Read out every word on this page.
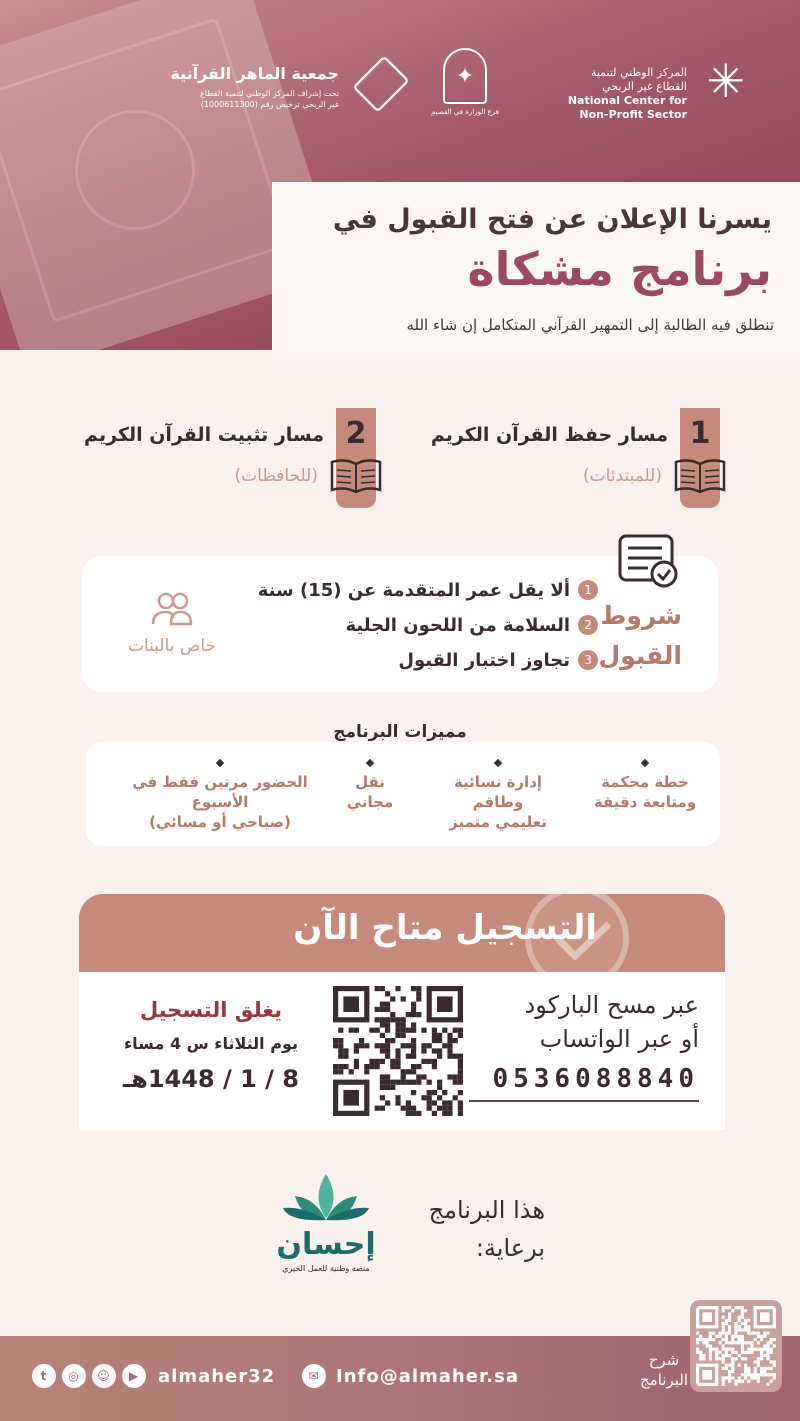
✳
المركز الوطني لتنمية
القطاع غير الربحي
National Center for
Non-Profit Sector
✦
فرع الوزارة في القصيم
جمعية الماهر القرآنية
تحت إشراف المركز الوطني لتنمية القطاع
غير الربحي ترخيص رقم (1000611300)
يسرنا الإعلان عن فتح القبول في
برنامج مشكاة
تنطلق فيه الطالبة إلى التمهير القرآني المتكامل إن شاء الله
1
مسار حفظ القرآن الكريم
(للمبتدئات)
2
مسار تثبيت القرآن الكريم
(للحافظات)
شروط
القبول
1
ألا يقل عمر المتقدمة عن (15) سنة
2
السلامة من اللحون الجلية
3
تجاوز اختبار القبول
خاص بالبنات
خطة محكمة
ومتابعة دقيقة
إدارة نسائية وطاقم
تعليمي متميز
نقل
مجاني
الحضور مرتين فقط في الأسبوع
(صباحي أو مسائي)
مميزات البرنامج
التسجيل متاح الآن
عبر مسح الباركود
أو عبر الواتساب
0536088840
يغلق التسجيل
يوم الثلاثاء س 4 مساء
8 / 1 / 1448هـ
هذا البرنامج
برعاية:
إحسان
منصة وطنية للعمل الخيري
شرح
البرنامج
✉ Info@almaher.sa
t	◎	☺	▶	almaher32
